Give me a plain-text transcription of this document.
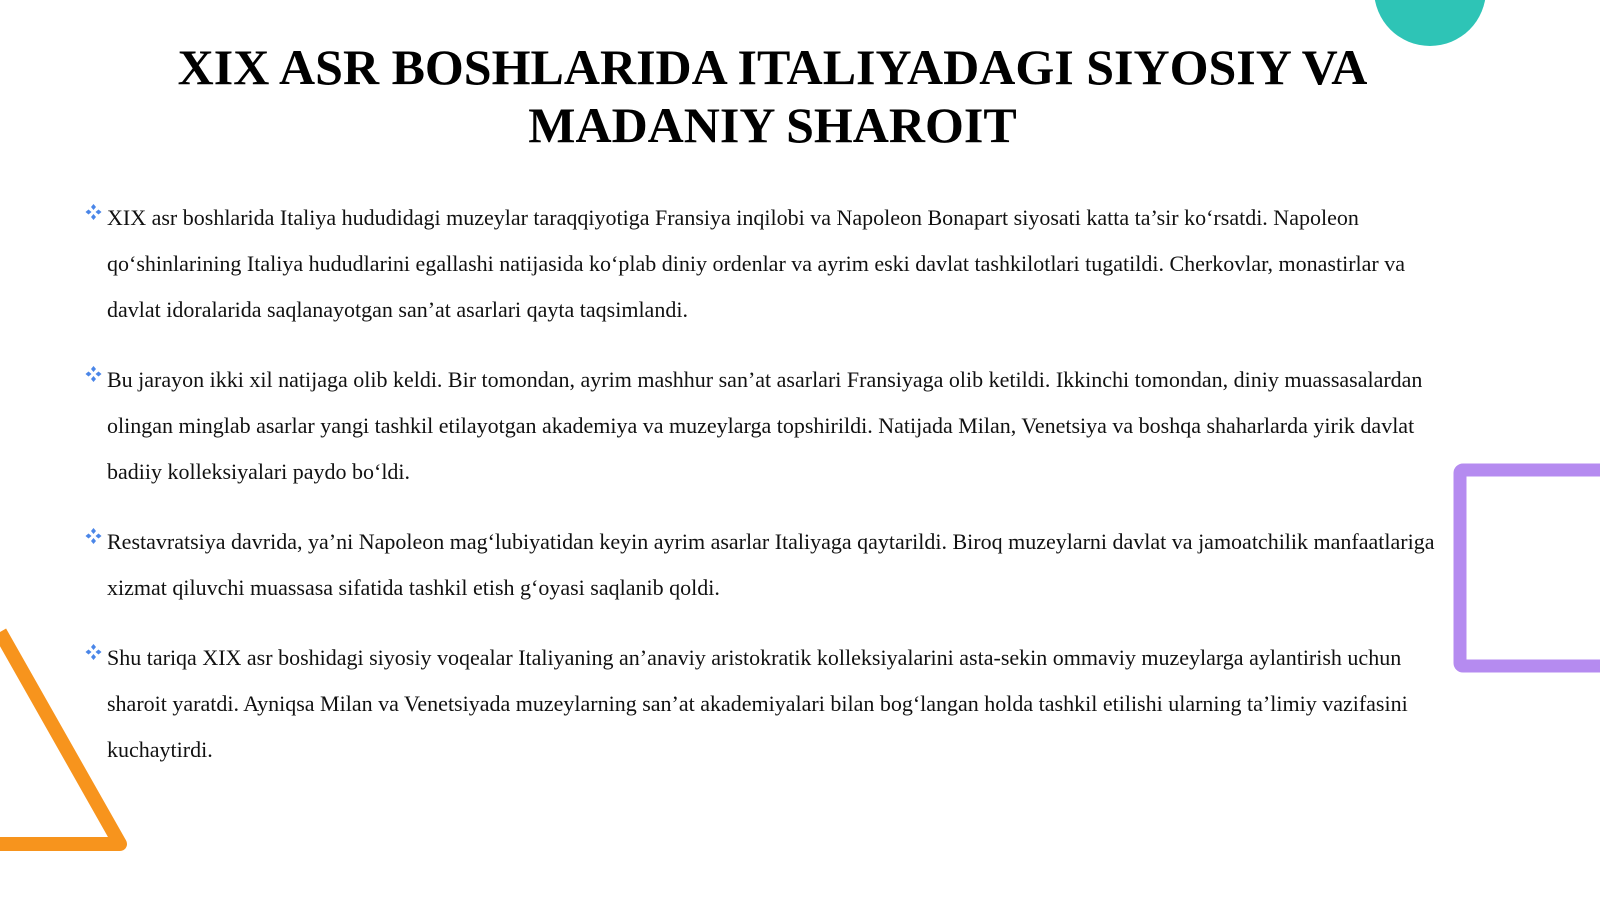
XIX ASR BOSHLARIDA ITALIYADAGI SIYOSIY VA MADANIY SHAROIT
XIX asr boshlarida Italiya hududidagi muzeylar taraqqiyotiga Fransiya inqilobi va Napoleon Bonapart siyosati katta ta’sir ko‘rsatdi. Napoleon qo‘shinlarining Italiya hududlarini egallashi natijasida ko‘plab diniy ordenlar va ayrim eski davlat tashkilotlari tugatildi. Cherkovlar, monastirlar va davlat idoralarida saqlanayotgan san’at asarlari qayta taqsimlandi.
Bu jarayon ikki xil natijaga olib keldi. Bir tomondan, ayrim mashhur san’at asarlari Fransiyaga olib ketildi. Ikkinchi tomondan, diniy muassasalardan olingan minglab asarlar yangi tashkil etilayotgan akademiya va muzeylarga topshirildi. Natijada Milan, Venetsiya va boshqa shaharlarda yirik davlat badiiy kolleksiyalari paydo bo‘ldi.
Restavratsiya davrida, ya’ni Napoleon mag‘lubiyatidan keyin ayrim asarlar Italiyaga qaytarildi. Biroq muzeylarni davlat va jamoatchilik manfaatlariga xizmat qiluvchi muassasa sifatida tashkil etish g‘oyasi saqlanib qoldi.
Shu tariqa XIX asr boshidagi siyosiy voqealar Italiyaning an’anaviy aristokratik kolleksiyalarini asta-sekin ommaviy muzeylarga aylantirish uchun sharoit yaratdi. Ayniqsa Milan va Venetsiyada muzeylarning san’at akademiyalari bilan bog‘langan holda tashkil etilishi ularning ta’limiy vazifasini kuchaytirdi.
